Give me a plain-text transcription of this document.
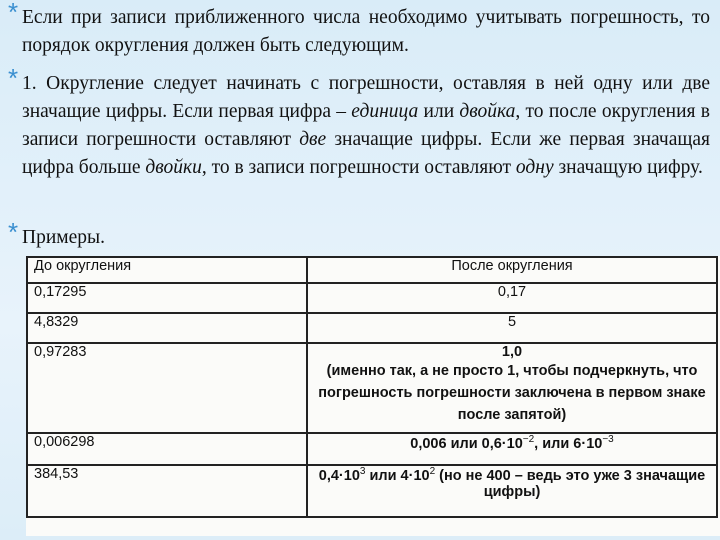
* Если при записи приближенного числа необходимо учитывать погрешность, то порядок округления должен быть следующим.
* 1. Округление следует начинать с погрешности, оставляя в ней одну или две значащие цифры. Если первая цифра – единица или двойка, то после округления в записи погрешности оставляют две значащие цифры. Если же первая значащая цифра больше двойки, то в записи погрешности оставляют одну значащую цифру.
* Примеры.
До округления	После округления
0,17295	0,17
4,8329	5
0,97283	1,0
(именно так, а не просто 1, чтобы подчеркнуть, что погрешность погрешности заключена в первом знаке после запятой)

0,006298	0,006 или $0,6\cdot 10^{-2}$, или $6\cdot 10^{-3}$
384,53	$0,4\cdot 10^3$ или $4\cdot 10^2$ (но не 400 – ведь это уже 3 значащие цифры)
